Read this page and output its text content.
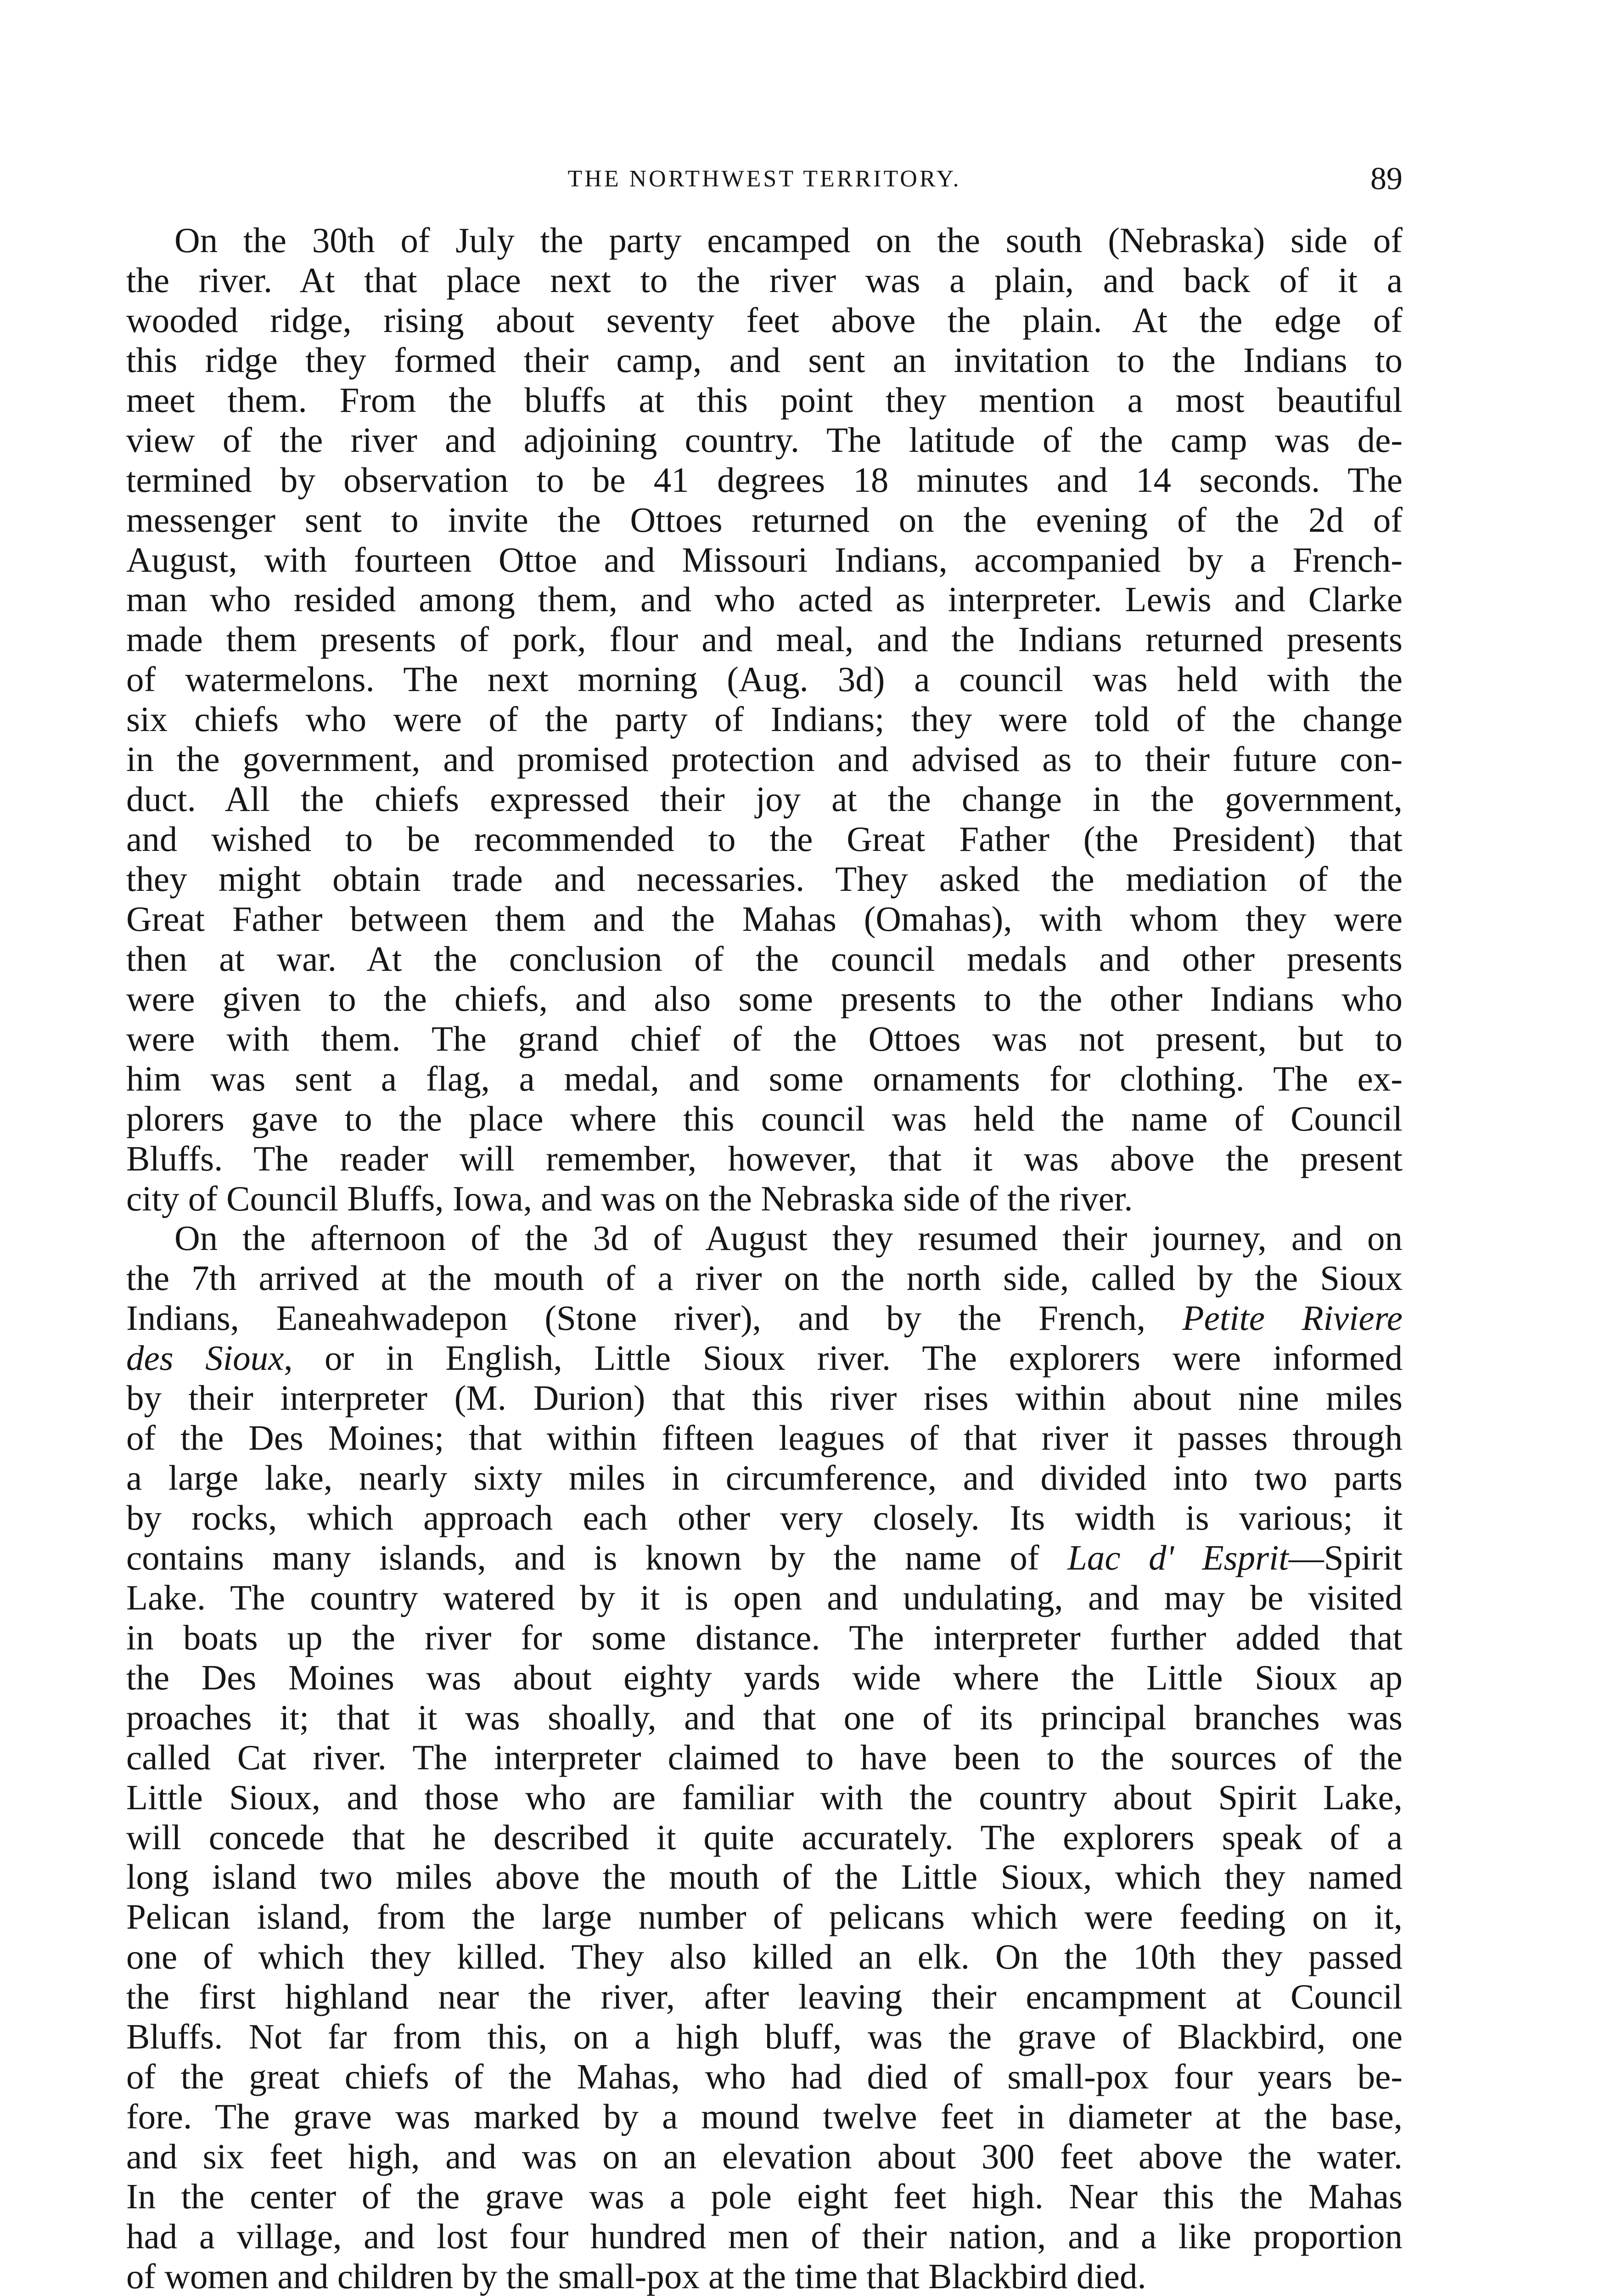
THE NORTHWEST TERRITORY.	89
On the 30th of July the party encamped on the south (Nebraska) side of
the river. At that place next to the river was a plain, and back of it a
wooded ridge, rising about seventy feet above the plain. At the edge of
this ridge they formed their camp, and sent an invitation to the Indians to
meet them. From the bluffs at this point they mention a most beautiful
view of the river and adjoining country. The latitude of the camp was de-
termined by observation to be 41 degrees 18 minutes and 14 seconds. The
messenger sent to invite the Ottoes returned on the evening of the 2d of
August, with fourteen Ottoe and Missouri Indians, accompanied by a French-
man who resided among them, and who acted as interpreter. Lewis and Clarke
made them presents of pork, flour and meal, and the Indians returned presents
of watermelons. The next morning (Aug. 3d) a council was held with the
six chiefs who were of the party of Indians; they were told of the change
in the government, and promised protection and advised as to their future con-
duct. All the chiefs expressed their joy at the change in the government,
and wished to be recommended to the Great Father (the President) that
they might obtain trade and necessaries. They asked the mediation of the
Great Father between them and the Mahas (Omahas), with whom they were
then at war. At the conclusion of the council medals and other presents
were given to the chiefs, and also some presents to the other Indians who
were with them. The grand chief of the Ottoes was not present, but to
him was sent a flag, a medal, and some ornaments for clothing. The ex-
plorers gave to the place where this council was held the name of Council
Bluffs. The reader will remember, however, that it was above the present
city of Council Bluffs, Iowa, and was on the Nebraska side of the river.
On the afternoon of the 3d of August they resumed their journey, and on
the 7th arrived at the mouth of a river on the north side, called by the Sioux
Indians, Eaneahwadepon (Stone river), and by the French, Petite Riviere
des Sioux, or in English, Little Sioux river. The explorers were informed
by their interpreter (M. Durion) that this river rises within about nine miles
of the Des Moines; that within fifteen leagues of that river it passes through
a large lake, nearly sixty miles in circumference, and divided into two parts
by rocks, which approach each other very closely. Its width is various; it
contains many islands, and is known by the name of Lac d' Esprit—Spirit
Lake. The country watered by it is open and undulating, and may be visited
in boats up the river for some distance. The interpreter further added that
the Des Moines was about eighty yards wide where the Little Sioux ap
proaches it; that it was shoally, and that one of its principal branches was
called Cat river. The interpreter claimed to have been to the sources of the
Little Sioux, and those who are familiar with the country about Spirit Lake,
will concede that he described it quite accurately. The explorers speak of a
long island two miles above the mouth of the Little Sioux, which they named
Pelican island, from the large number of pelicans which were feeding on it,
one of which they killed. They also killed an elk. On the 10th they passed
the first highland near the river, after leaving their encampment at Council
Bluffs. Not far from this, on a high bluff, was the grave of Blackbird, one
of the great chiefs of the Mahas, who had died of small-pox four years be-
fore. The grave was marked by a mound twelve feet in diameter at the base,
and six feet high, and was on an elevation about 300 feet above the water.
In the center of the grave was a pole eight feet high. Near this the Mahas
had a village, and lost four hundred men of their nation, and a like proportion
of women and children by the small-pox at the time that Blackbird died.
